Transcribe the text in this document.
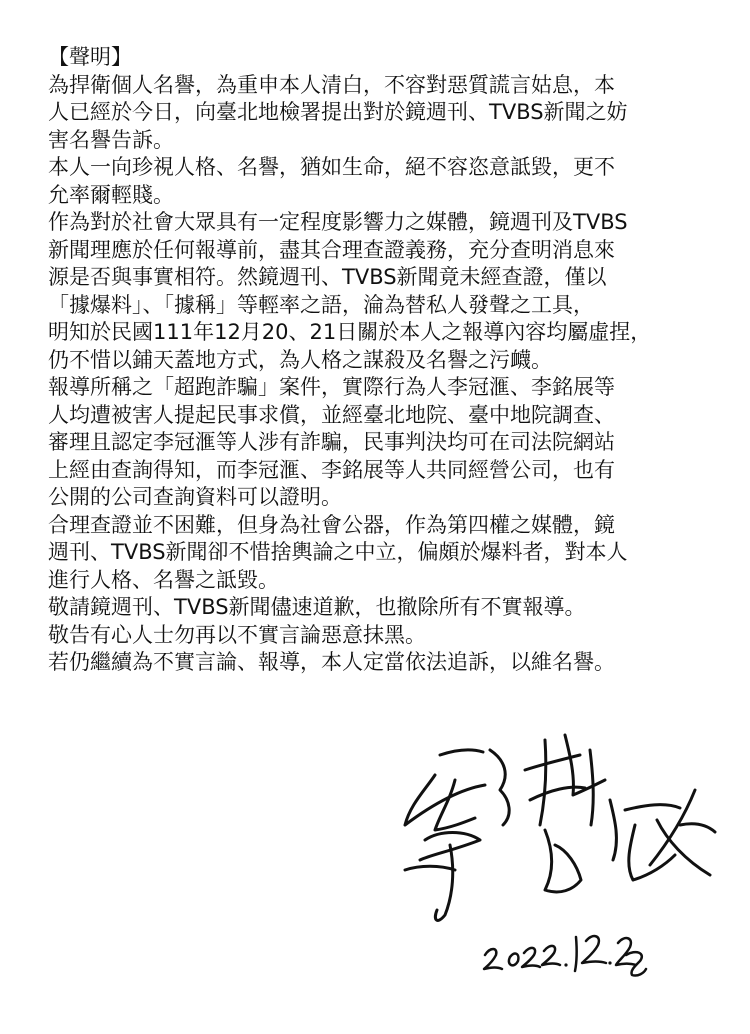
【聲明】

為捍衛個人名譽，為重申本人清白，不容對惡質謊言姑息，本
人已經於今日，向臺北地檢署提出對於鏡週刊、TVBS新聞之妨
害名譽告訴。

本人一向珍視人格、名譽，猶如生命，絕不容恣意詆毀，更不
允率爾輕賤。

作為對於社會大眾具有一定程度影響力之媒體，鏡週刊及TVBS
新聞理應於任何報導前，盡其合理查證義務，充分查明消息來
源是否與事實相符。然鏡週刊、TVBS新聞竟未經查證，僅以
「據爆料」、「據稱」等輕率之語，淪為替私人發聲之工具，
明知於民國111年12月20、21日關於本人之報導內容均屬虛捏，
仍不惜以鋪天蓋地方式，為人格之謀殺及名譽之污衊。

報導所稱之「超跑詐騙」案件，實際行為人李冠滙、李銘展等
人均遭被害人提起民事求償，並經臺北地院、臺中地院調查、
審理且認定李冠滙等人涉有詐騙，民事判決均可在司法院網站
上經由查詢得知，而李冠滙、李銘展等人共同經營公司，也有
公開的公司查詢資料可以證明。

合理查證並不困難，但身為社會公器，作為第四權之媒體，鏡
週刊、TVBS新聞卻不惜捨輿論之中立，偏頗於爆料者，對本人
進行人格、名譽之詆毀。

敬請鏡週刊、TVBS新聞儘速道歉，也撤除所有不實報導。

敬告有心人士勿再以不實言論惡意抹黑。

若仍繼續為不實言論、報導，本人定當依法追訴，以維名譽。
